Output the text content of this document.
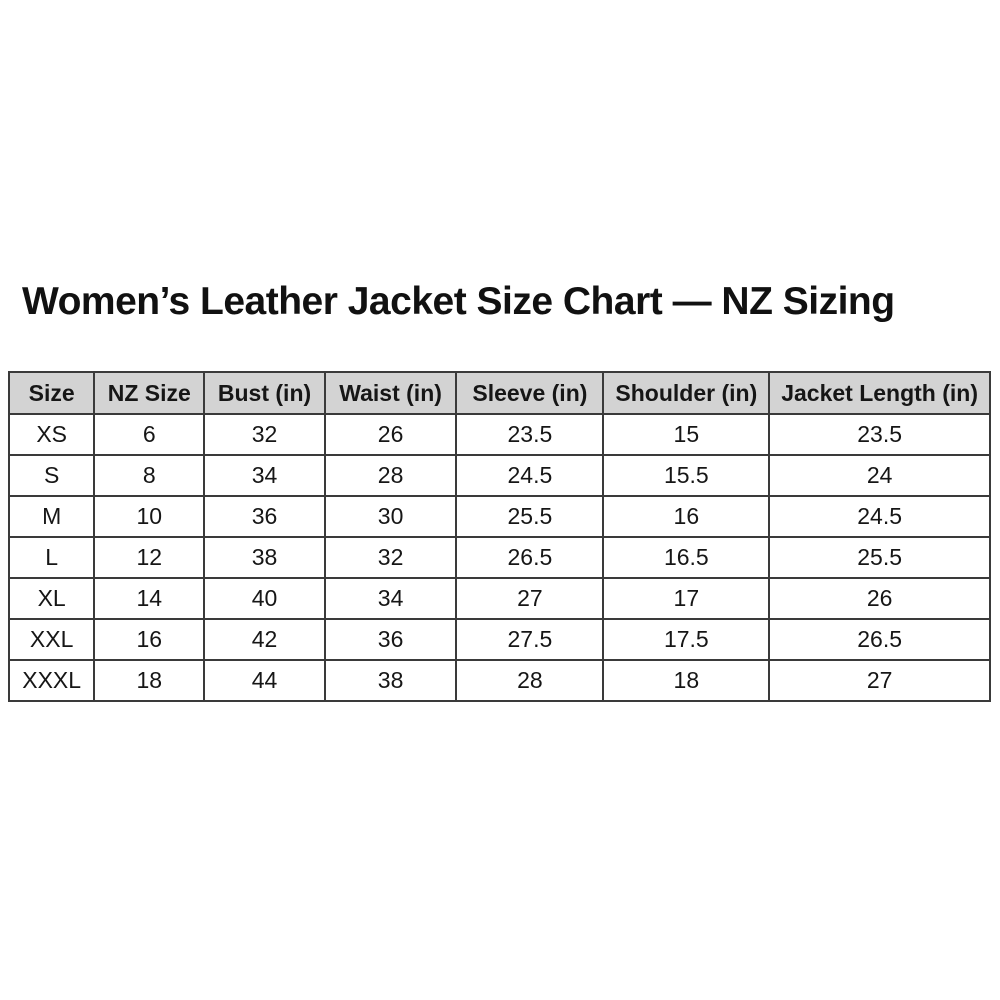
Women’s Leather Jacket Size Chart — NZ Sizing
Size	NZ Size	Bust (in)	Waist (in)	Sleeve (in)	Shoulder (in)	Jacket Length (in)
XS	6	32	26	23.5	15	23.5
S	8	34	28	24.5	15.5	24
M	10	36	30	25.5	16	24.5
L	12	38	32	26.5	16.5	25.5
XL	14	40	34	27	17	26
XXL	16	42	36	27.5	17.5	26.5
XXXL	18	44	38	28	18	27
